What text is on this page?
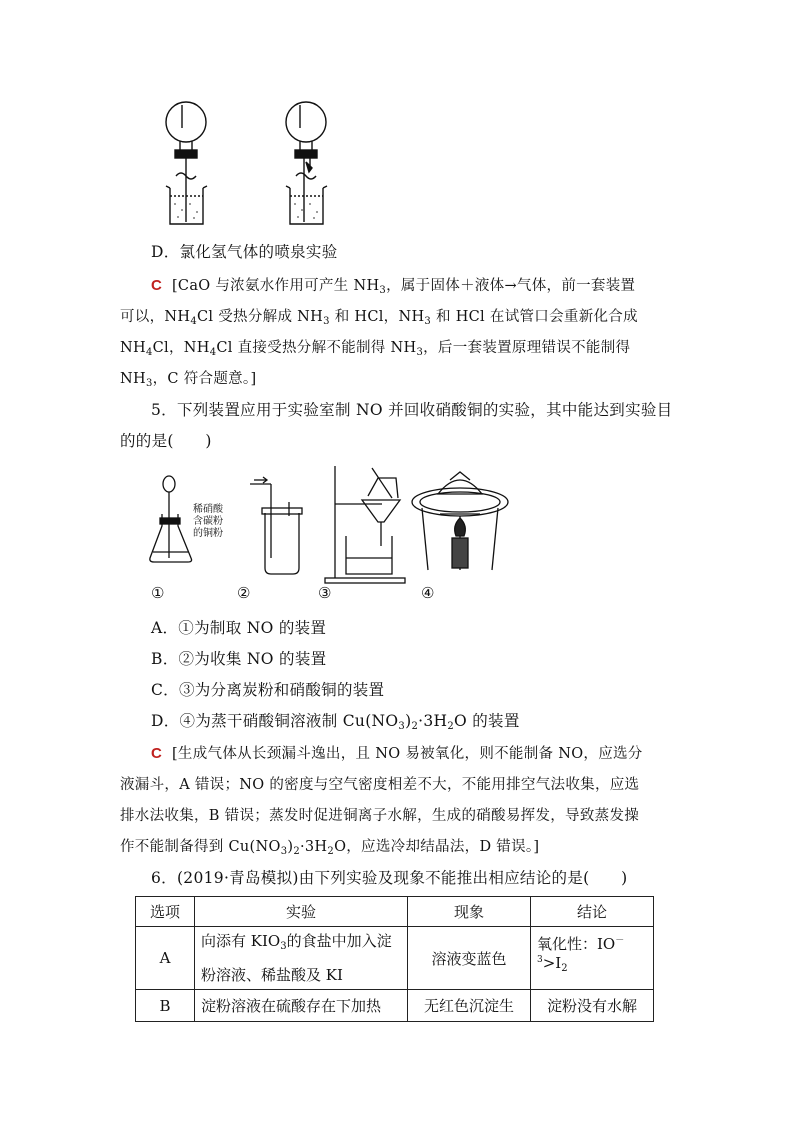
D．氯化氢气体的喷泉实验
C [CaO 与浓氨水作用可产生 $NH_3$，属于固体＋液体→气体，前一套装置
可以，$NH_4Cl$ 受热分解成 $NH_3$ 和 HCl，$NH_3$ 和 HCl 在试管口会重新化合成
$NH_4Cl$，$NH_4Cl$ 直接受热分解不能制得 $NH_3$，后一套装置原理错误不能制得
$NH_3$，C 符合题意。]
5．下列装置应用于实验室制 NO 并回收硝酸铜的实验，其中能达到实验目
的的是(　　)
稀硝酸
含碳粉
的铜粉
①	②	③	④
A．①为制取 NO 的装置
B．②为收集 NO 的装置
C．③为分离炭粉和硝酸铜的装置
D．④为蒸干硝酸铜溶液制 $Cu(NO_3)_2\cdot 3H_2O$ 的装置
C [生成气体从长颈漏斗逸出，且 NO 易被氧化，则不能制备 NO，应选分
液漏斗，A 错误；NO 的密度与空气密度相差不大，不能用排空气法收集，应选
排水法收集，B 错误；蒸发时促进铜离子水解，生成的硝酸易挥发，导致蒸发操
作不能制备得到 $Cu(NO_3)_2\cdot 3H_2O$，应选冷却结晶法，D 错误。]
6．(2019·青岛模拟)由下列实验及现象不能推出相应结论的是(　　)
选项	实验	现象	结论
A	向添有 $KIO_3$的食盐中加入淀
粉溶液、稀盐酸及 KI	溶液变蓝色	氧化性：$IO^{-3}>I_2$
B	淀粉溶液在硫酸存在下加热	无红色沉淀生	淀粉没有水解
